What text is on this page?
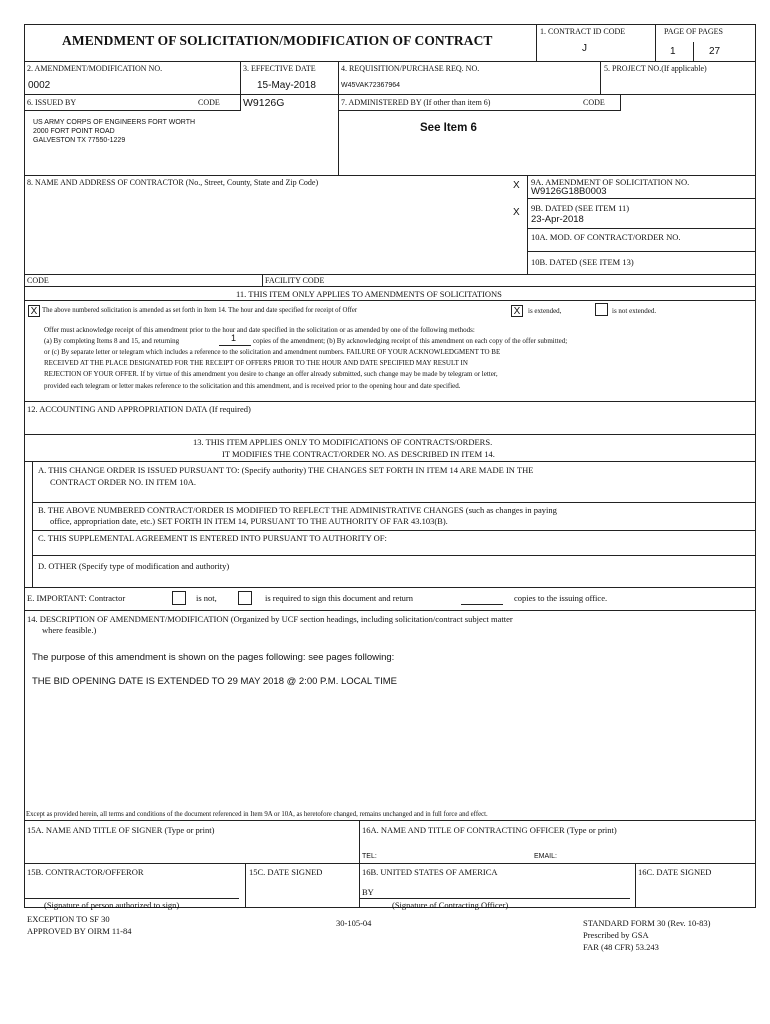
AMENDMENT OF SOLICITATION/MODIFICATION OF CONTRACT
1. CONTRACT ID CODE
J
PAGE OF PAGES
1	27
2. AMENDMENT/MODIFICATION NO.
0002
3. EFFECTIVE DATE
15-May-2018
4. REQUISITION/PURCHASE REQ. NO.
W45VAK72367964
5. PROJECT NO.(If applicable)
6. ISSUED BY	CODE W9126G
US ARMY CORPS OF ENGINEERS FORT WORTH
2000 FORT POINT ROAD
GALVESTON TX 77550-1229
7. ADMINISTERED BY (If other than item 6)	CODE
See Item 6
8. NAME AND ADDRESS OF CONTRACTOR (No., Street, County, State and Zip Code)
CODE	FACILITY CODE
X 9A. AMENDMENT OF SOLICITATION NO.
W9126G18B0003
X 9B. DATED (SEE ITEM 11)
23-Apr-2018
10A. MOD. OF CONTRACT/ORDER NO.
10B. DATED (SEE ITEM 13)
11. THIS ITEM ONLY APPLIES TO AMENDMENTS OF SOLICITATIONS
X The above numbered solicitation is amended as set forth in Item 14. The hour and date specified for receipt of Offer	X	is extended,	is not extended.
Offer must acknowledge receipt of this amendment prior to the hour and date specified in the solicitation or as amended by one of the following methods:
(a) By completing Items 8 and 15, and returning	1 copies of the amendment; (b) By acknowledging receipt of this amendment on each copy of the offer submitted;
or (c) By separate letter or telegram which includes a reference to the solicitation and amendment numbers. FAILURE OF YOUR ACKNOWLEDGMENT TO BE
RECEIVED AT THE PLACE DESIGNATED FOR THE RECEIPT OF OFFERS PRIOR TO THE HOUR AND DATE SPECIFIED MAY RESULT IN
REJECTION OF YOUR OFFER. If by virtue of this amendment you desire to change an offer already submitted, such change may be made by telegram or letter,
provided each telegram or letter makes reference to the solicitation and this amendment, and is received prior to the opening hour and date specified.
12. ACCOUNTING AND APPROPRIATION DATA (If required)
13. THIS ITEM APPLIES ONLY TO MODIFICATIONS OF CONTRACTS/ORDERS.
IT MODIFIES THE CONTRACT/ORDER NO. AS DESCRIBED IN ITEM 14.
A. THIS CHANGE ORDER IS ISSUED PURSUANT TO: (Specify authority) THE CHANGES SET FORTH IN ITEM 14 ARE MADE IN THE
CONTRACT ORDER NO. IN ITEM 10A.
B. THE ABOVE NUMBERED CONTRACT/ORDER IS MODIFIED TO REFLECT THE ADMINISTRATIVE CHANGES (such as changes in paying
office, appropriation date, etc.) SET FORTH IN ITEM 14, PURSUANT TO THE AUTHORITY OF FAR 43.103(B).
C. THIS SUPPLEMENTAL AGREEMENT IS ENTERED INTO PURSUANT TO AUTHORITY OF:
D. OTHER (Specify type of modification and authority)
E. IMPORTANT: Contractor	is not,	is required to sign this document and return	copies to the issuing office.
14. DESCRIPTION OF AMENDMENT/MODIFICATION (Organized by UCF section headings, including solicitation/contract subject matter
where feasible.)
The purpose of this amendment is shown on the pages following: see pages following:
THE BID OPENING DATE IS EXTENDED TO 29 MAY 2018 @ 2:00 P.M. LOCAL TIME
Except as provided herein, all terms and conditions of the document referenced in Item 9A or 10A, as heretofore changed, remains unchanged and in full force and effect.
15A. NAME AND TITLE OF SIGNER (Type or print)	16A. NAME AND TITLE OF CONTRACTING OFFICER (Type or print)
TEL:	EMAIL:
15B. CONTRACTOR/OFFEROR	15C. DATE SIGNED	16B. UNITED STATES OF AMERICA
BY
16C. DATE SIGNED
(Signature of person authorized to sign)	(Signature of Contracting Officer)
EXCEPTION TO SF 30
APPROVED BY OIRM 11-84
30-105-04	STANDARD FORM 30 (Rev. 10-83)
Prescribed by GSA
FAR (48 CFR) 53.243
